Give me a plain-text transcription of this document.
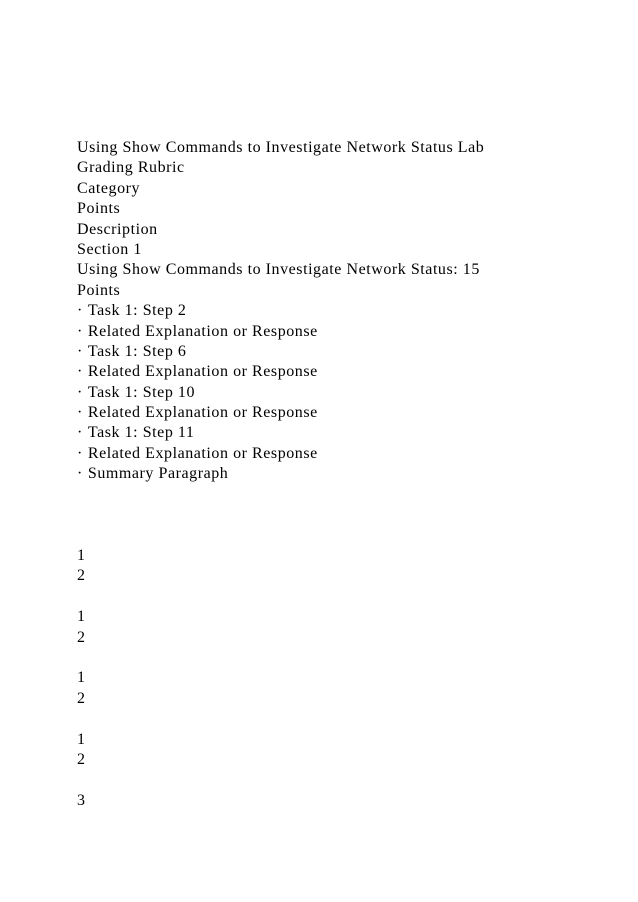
Using Show Commands to Investigate Network Status Lab
Grading Rubric
Category
Points
Description
Section 1
Using Show Commands to Investigate Network Status: 15
Points
· Task 1: Step 2
· Related Explanation or Response
· Task 1: Step 6
· Related Explanation or Response
· Task 1: Step 10
· Related Explanation or Response
· Task 1: Step 11
· Related Explanation or Response
· Summary Paragraph
1
2
1
2
1
2
1
2
3
